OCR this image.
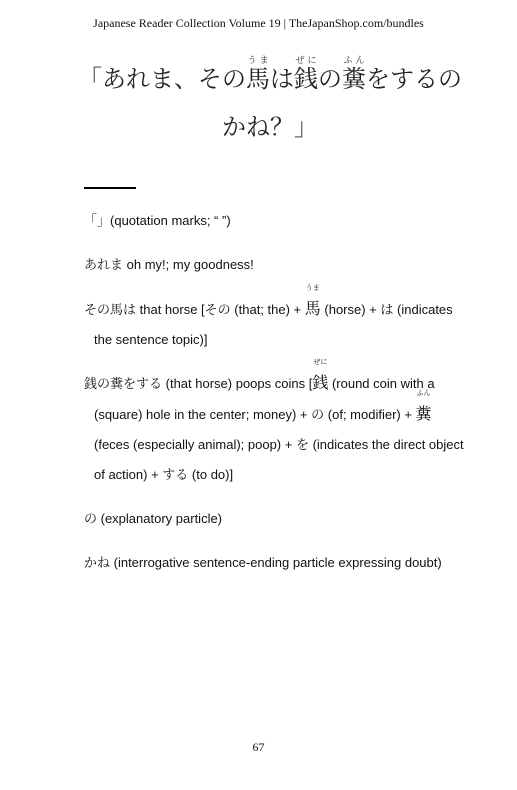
Japanese Reader Collection Volume 19 | TheJapanShop.com/bundles
「あれま、その馬うまは銭ぜにの糞ふんをするの
かね？」
「」(quotation marks; “ ”)
あれま oh my!; my goodness!
その馬は that horse [その (that; the) +
うま
馬 (horse) + は (indicates
the sentence topic)]
銭の糞をする (that horse) poops coins [
ぜに
銭 (round coin with a
(square) hole in the center; money) + の (of; modifier) +
ふん
糞
(feces (especially animal); poop) + を (indicates the direct object
of action) + する (to do)]
の (explanatory particle)
かね (interrogative sentence-ending particle expressing doubt)
67
